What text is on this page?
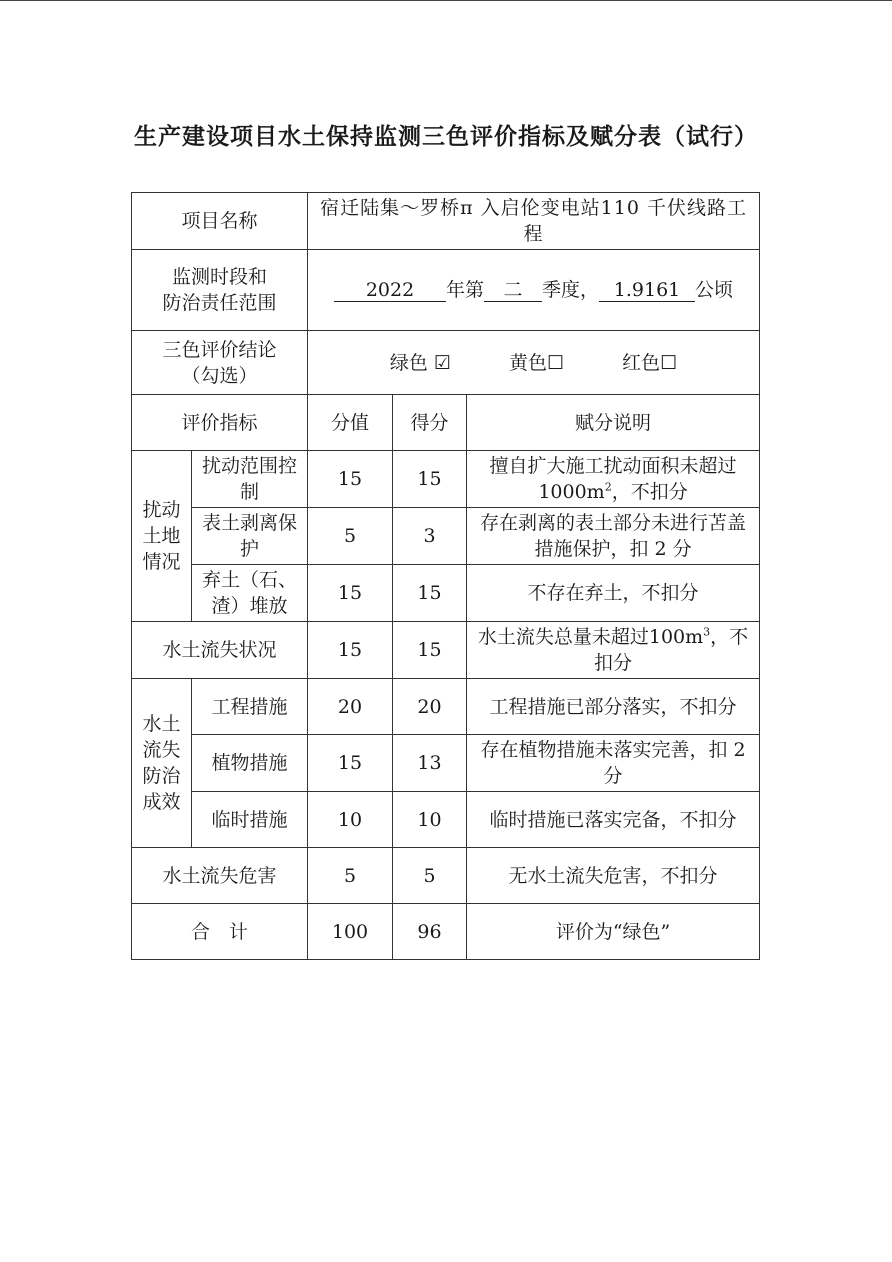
生产建设项目水土保持监测三色评价指标及赋分表（试行）
项目名称		宿迁陆集～罗桥π 入启伦变电站110 千伏线路工程		

监测时段和
防治责任范围		2022 年第 二 季度， 1.9161 公顷		

三色评价结论
（勾选）		绿色 ☑ 黄色☐ 红色☐		
评价指标		分值	得分	赋分说明
扰动土地情况	扰动范围控制	15	15	擅自扩大施工扰动面积未超过$1000m^2$，不扣分
	表土剥离保护	5	3	存在剥离的表土部分未进行苫盖措施保护，扣 2 分
	弃土（石、渣）堆放	15	15	不存在弃土，不扣分
水土流失状况		15	15	水土流失总量未超过$100m^3$，不扣分
水土流失防治成效	工程措施	20	20	工程措施已部分落实，不扣分
	植物措施	15	13	存在植物措施未落实完善，扣 2 分
	临时措施	10	10	临时措施已落实完备，不扣分
水土流失危害		5	5	无水土流失危害，不扣分
合　计		100	96	评价为“绿色”
